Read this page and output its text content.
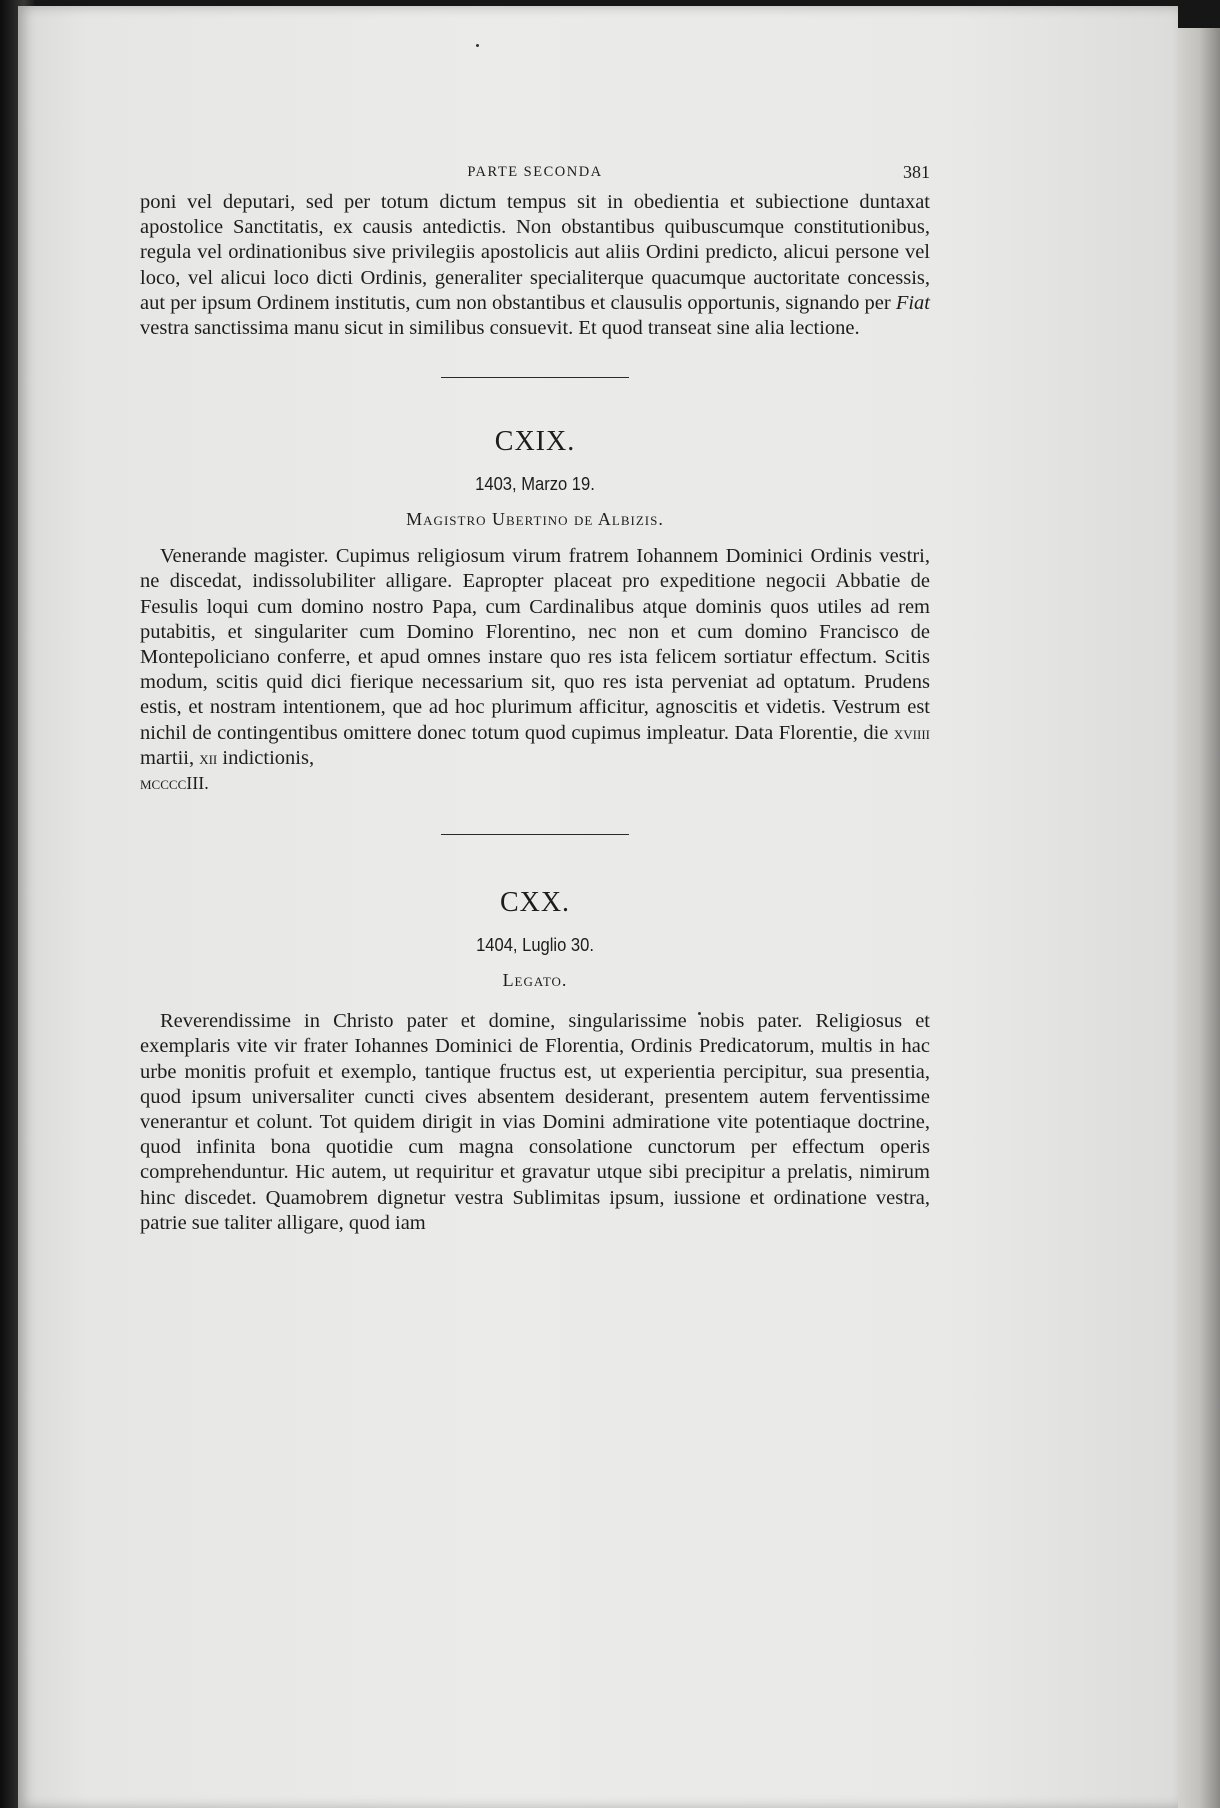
PARTE SECONDA	381

poni vel deputari, sed per totum dictum tempus sit in obedientia et subiectione duntaxat apostolice Sanctitatis, ex causis antedictis. Non obstantibus quibuscumque constitutionibus, regula vel ordinationibus sive privilegiis apostolicis aut aliis Ordini predicto, alicui persone vel loco, vel alicui loco dicti Ordinis, generaliter specialiterque quacumque auctoritate concessis, aut per ipsum Ordinem institutis, cum non obstantibus et clausulis opportunis, signando per Fiat vestra sanctissima manu sicut in similibus consuevit. Et quod transeat sine alia lectione.

CXIX.

1403, Marzo 19.

Magistro Ubertino de Albizis.

Venerande magister. Cupimus religiosum virum fratrem Iohannem Dominici Ordinis vestri, ne discedat, indissolubiliter alligare. Eapropter placeat pro expeditione negocii Abbatie de Fesulis loqui cum domino nostro Papa, cum Cardinalibus atque dominis quos utiles ad rem putabitis, et singulariter cum Domino Florentino, nec non et cum domino Francisco de Montepoliciano conferre, et apud omnes instare quo res ista felicem sortiatur effectum. Scitis modum, scitis quid dici fierique necessarium sit, quo res ista perveniat ad optatum. Prudens estis, et nostram intentionem, que ad hoc plurimum afficitur, agnoscitis et videtis. Vestrum est nichil de contingentibus omittere donec totum quod cupimus impleatur. Data Florentie, die xviiii martii, xii indictionis,
mccccIII.

CXX.

1404, Luglio 30.

Legato.

Reverendissime in Christo pater et domine, singularissime nobis pater. Religiosus et exemplaris vite vir frater Iohannes Dominici de Florentia, Ordinis Predicatorum, multis in hac urbe monitis profuit et exemplo, tantique fructus est, ut experientia percipitur, sua presentia, quod ipsum universaliter cuncti cives absentem desiderant, presentem autem ferventissime venerantur et colunt. Tot quidem dirigit in vias Domini admiratione vite potentiaque doctrine, quod infinita bona quotidie cum magna consolatione cunctorum per effectum operis comprehenduntur. Hic autem, ut requiritur et gravatur utque sibi precipitur a prelatis, nimirum hinc discedet. Quamobrem dignetur vestra Sublimitas ipsum, iussione et ordinatione vestra, patrie sue taliter alligare, quod iam
